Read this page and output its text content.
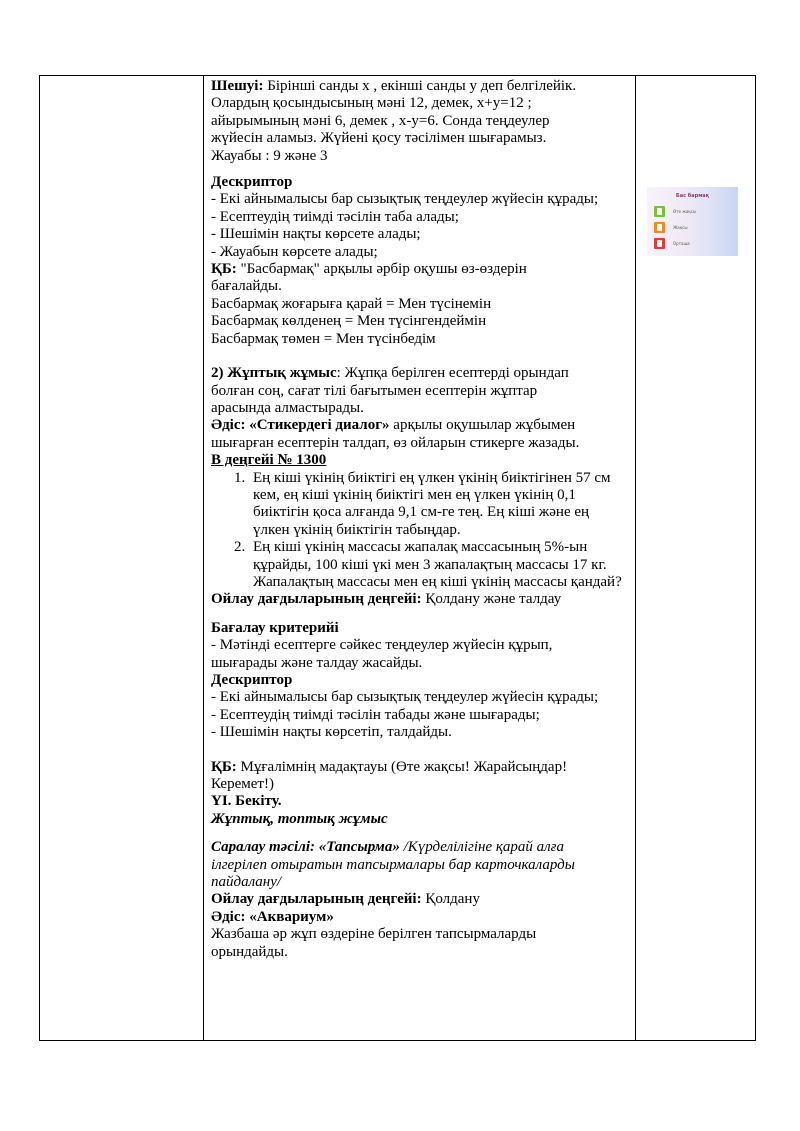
Шешуі: Бірінші санды х , екінші санды у деп белгілейік.

Олардың қосындысының мәні 12, демек, х+у=12 ;

айырымының мәні 6, демек , х-у=6. Сонда теңдеулер

жүйесін аламыз. Жүйені қосу тәсілімен шығарамыз.

Жауабы : 9 және 3

Дескриптор

- Екі айнымалысы бар сызықтық теңдеулер жүйесін құрады;

- Есептеудің тиімді тәсілін таба алады;

- Шешімін нақты көрсете алады;

- Жауабын көрсете алады;

ҚБ: "Басбармақ" арқылы әрбір оқушы өз-өздерін

бағалайды.

Басбармақ жоғарыға қарай = Мен түсінемін

Басбармақ көлденең = Мен түсінгендеймін

Басбармақ төмен = Мен түсінбедім

2) Жұптық жұмыс: Жұпқа берілген есептерді орындап

болған соң, сағат тілі бағытымен есептерін жұптар

арасында алмастырады.

Әдіс: «Стикердегі диалог» арқылы оқушылар жұбымен

шығарған есептерін талдап, өз ойларын стикерге жазады.

В деңгейі № 1300

1. Ең кіші үкінің биіктігі ең үлкен үкінің биіктігінен 57 см кем, ең кіші үкінің биіктігі мен ең үлкен үкінің 0,1 биіктігін қоса алғанда 9,1 см-ге тең. Ең кіші және ең үлкен үкінің биіктігін табыңдар.
2. Ең кіші үкінің массасы жапалақ массасының 5%-ын құрайды, 100 кіші үкі мен 3 жапалақтың массасы 17 кг. Жапалақтың массасы мен ең кіші үкінің массасы қандай?

Ойлау дағдыларының деңгейі: Қолдану және талдау

Бағалау критерийі

- Мәтінді есептерге сәйкес теңдеулер жүйесін құрып,

шығарады және талдау жасайды.

Дескриптор

- Екі айнымалысы бар сызықтық теңдеулер жүйесін құрады;

- Есептеудің тиімді тәсілін табады және шығарады;

- Шешімін нақты көрсетіп, талдайды.

ҚБ: Мұғалімнің мадақтауы (Өте жақсы! Жарайсыңдар!

Керемет!)

ҮІ. Бекіту.

Жұптық, топтық жұмыс

Саралау тәсілі: «Тапсырма» /Күрделілігіне қарай алға

ілгерілеп отыратын тапсырмалары бар карточкаларды

пайдалану/

Ойлау дағдыларының деңгейі: Қолдану

Әдіс: «Аквариум»

Жазбаша әр жұп өздеріне берілген тапсырмаларды

орындайды.

Бас бармақ
Өте жақсы
Жақсы
Орташа
